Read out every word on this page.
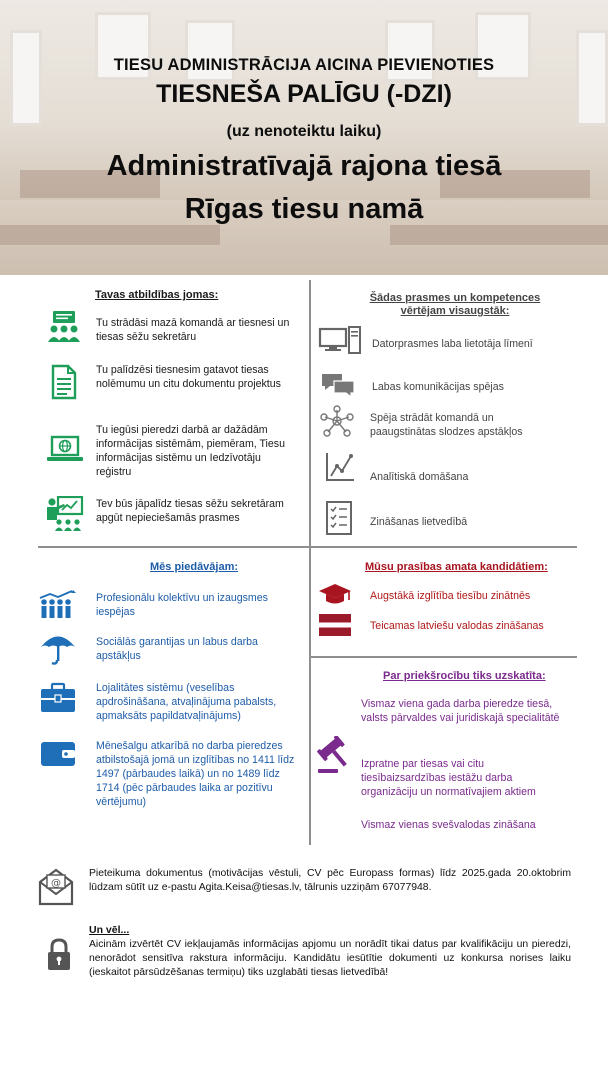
TIESU ADMINISTRĀCIJA AICINA PIEVIENOTIES
TIESNEŠA PALĪGU (-DZI)
(uz nenoteiktu laiku)
Administratīvajā rajona tiesā
Rīgas tiesu namā
Tavas atbildības jomas:
Tu strādāsi mazā komandā ar tiesnesi un tiesas sēžu sekretāru
Tu palīdzēsi tiesnesim gatavot tiesas nolēmumu un citu dokumentu projektus
Tu iegūsi pieredzi darbā ar dažādām informācijas sistēmām, piemēram, Tiesu informācijas sistēmu un Iedzīvotāju reģistru
Tev būs jāpalīdz tiesas sēžu sekretāram apgūt nepieciešamās prasmes
Šādas prasmes un kompetences
vērtējam visaugstāk:
Datorprasmes laba lietotāja līmenī
Labas komunikācijas spējas
Spēja strādāt komandā un paaugstinātas slodzes apstākļos
Analītiskā domāšana
Zināšanas lietvedībā
Mēs piedāvājam:
Profesionālu kolektīvu un izaugsmes iespējas
Sociālās garantijas un labus darba apstākļus
Lojalitātes sistēmu (veselības apdrošināšana, atvaļinājuma pabalsts, apmaksāts papildatvaļinājums)
Mēnešalgu atkarībā no darba pieredzes atbilstošajā jomā un izglītības no 1411 līdz 1497 (pārbaudes laikā) un no 1489 līdz 1714 (pēc pārbaudes laika ar pozitīvu vērtējumu)
Mūsu prasības amata kandidātiem:
Augstākā izglītība tiesību zinātnēs
Teicamas latviešu valodas zināšanas
Par priekšrocību tiks uzskatīta:
Vismaz viena gada darba pieredze tiesā, valsts pārvaldes vai juridiskajā specialitātē
Izpratne par tiesas vai citu tiesībaizsardzības iestāžu darba organizāciju un normatīvajiem aktiem
Vismaz vienas svešvalodas zināšana
@
Pieteikuma dokumentus (motivācijas vēstuli, CV pēc Europass formas) līdz 2025.gada 20.oktobrim lūdzam sūtīt uz e-pastu Agita.Keisa@tiesas.lv, tālrunis uzziņām 67077948.
Un vēl...
Aicinām izvērtēt CV iekļaujamās informācijas apjomu un norādīt tikai datus par kvalifikāciju un pieredzi, nenorādot sensitīva rakstura informāciju. Kandidātu iesūtītie dokumenti uz konkursa norises laiku (ieskaitot pārsūdzēšanas termiņu) tiks uzglabāti tiesas lietvedībā!
